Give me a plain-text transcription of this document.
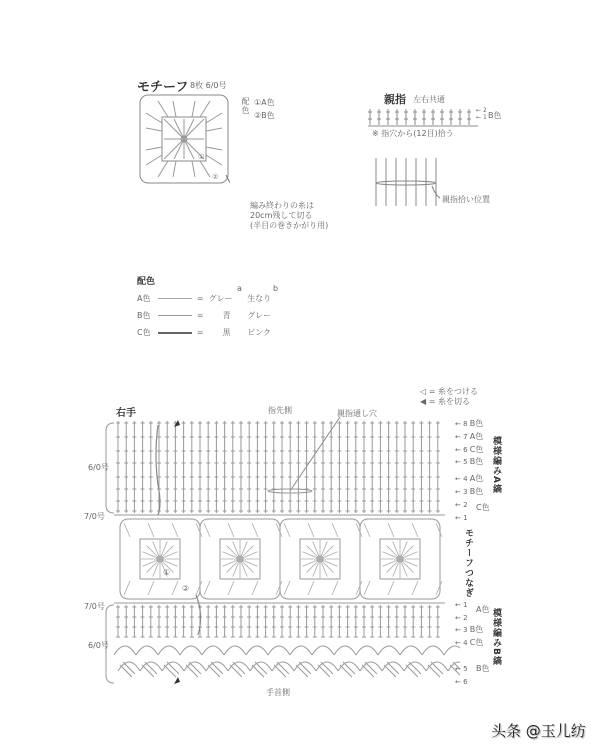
モチーフ 8枚 6/0号
①
②
配色 ①A色
②B色
編み終わりの糸は
20cm残して切る
(半目の巻きかがり用)
親指 左右共通
← 2
← 1 B色
※ 指穴から(12目)拾う
親指拾い位置
配色
a	b
A色	= グレー 生なり
B色	= 青 グレー
C色	= 黒 ピンク
◁ = 糸をつける
◀ = 糸を切る
右手	指先側	親指通し穴
6/0号
7/0号
7/0号
6/0号
①
②
手首側
← 8 B色
← 7 A色
← 6 C色
← 5 B色
← 4 A色
← 3 B色
← 2
← 1
C色
模様編みA縞
モチーフつなぎ
← 1
← 2
← 3 B色
← 4 C色
← 5
← 6
A色
B色
模様編みB縞
头条 @玉儿纺
